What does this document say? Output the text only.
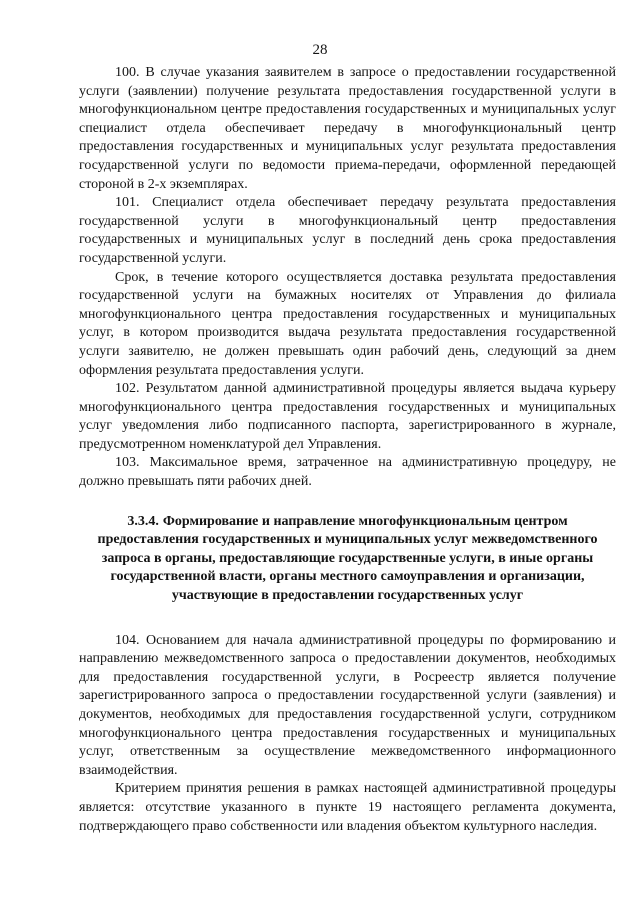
28

100. В случае указания заявителем в запросе о предоставлении государственной услуги (заявлении) получение результата предоставления государственной услуги в многофункциональном центре предоставления государственных и муниципальных услуг специалист отдела обеспечивает передачу в многофункциональный центр предоставления государственных и муниципальных услуг результата предоставления государственной услуги по ведомости приема-передачи, оформленной передающей стороной в 2-х экземплярах.

101. Специалист отдела обеспечивает передачу результата предоставления государственной услуги в многофункциональный центр предоставления государственных и муниципальных услуг в последний день срока предоставления государственной услуги.

Срок, в течение которого осуществляется доставка результата предоставления государственной услуги на бумажных носителях от Управления до филиала многофункционального центра предоставления государственных и муниципальных услуг, в котором производится выдача результата предоставления государственной услуги заявителю, не должен превышать один рабочий день, следующий за днем оформления результата предоставления услуги.

102. Результатом данной административной процедуры является выдача курьеру многофункционального центра предоставления государственных и муниципальных услуг уведомления либо подписанного паспорта, зарегистрированного в журнале, предусмотренном номенклатурой дел Управления.

103. Максимальное время, затраченное на административную процедуру, не должно превышать пяти рабочих дней.

3.3.4. Формирование и направление многофункциональным центром предоставления государственных и муниципальных услуг межведомственного запроса в органы, предоставляющие государственные услуги, в иные органы государственной власти, органы местного самоуправления и организации, участвующие в предоставлении государственных услуг

104. Основанием для начала административной процедуры по формированию и направлению межведомственного запроса о предоставлении документов, необходимых для предоставления государственной услуги, в Росреестр является получение зарегистрированного запроса о предоставлении государственной услуги (заявления) и документов, необходимых для предоставления государственной услуги, сотрудником многофункционального центра предоставления государственных и муниципальных услуг, ответственным за осуществление межведомственного информационного взаимодействия.

Критерием принятия решения в рамках настоящей административной процедуры является: отсутствие указанного в пункте 19 настоящего регламента документа, подтверждающего право собственности или владения объектом культурного наследия.
